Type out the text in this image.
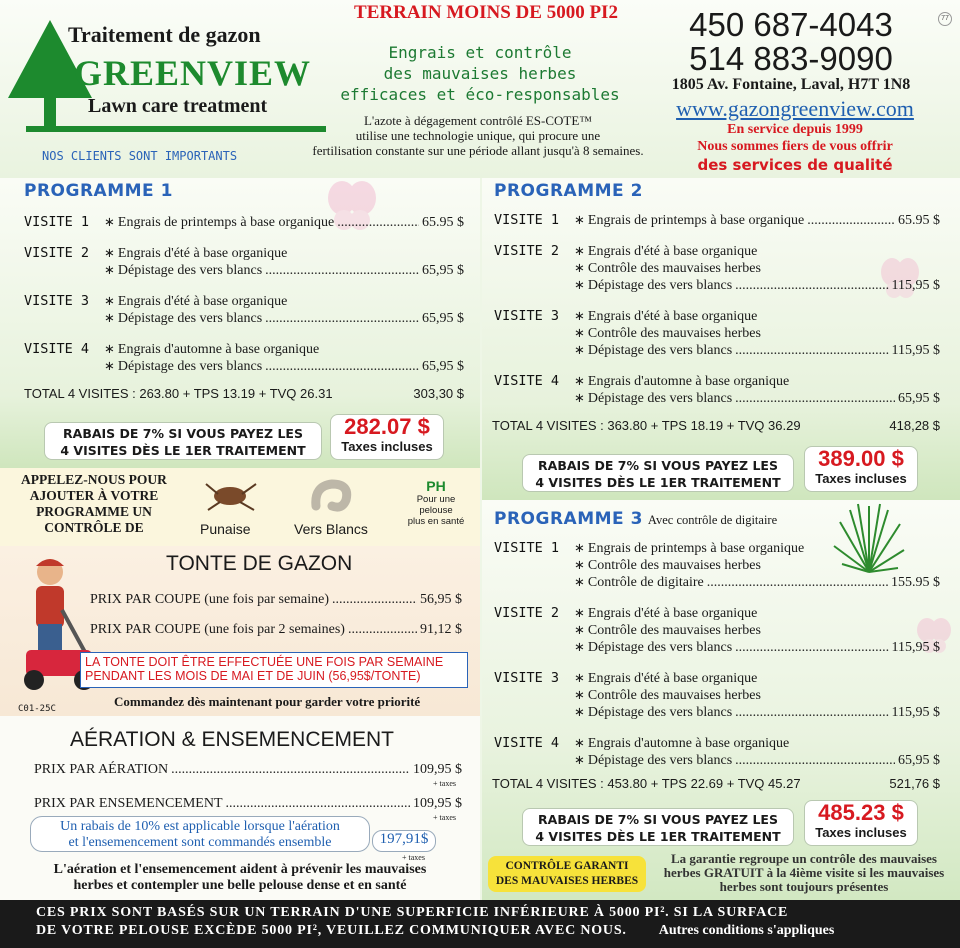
Traitement de gazon
GREENVIEW
Lawn care treatment
NOS CLIENTS SONT IMPORTANTS
TERRAIN MOINS DE 5000 PI2
Engrais et contrôle
des mauvaises herbes
efficaces et éco-responsables
L'azote à dégagement contrôlé ES-COTE™
utilise une technologie unique, qui procure une
fertilisation constante sur une période allant jusqu'à 8 semaines.
450 687-4043
514 883-9090
1805 Av. Fontaine, Laval, H7T 1N8
www.gazongreenview.com
En service depuis 1999
Nous sommes fiers de vous offrir
des services de qualité
77
PROGRAMME 1
VISITE 1	∗ Engrais de printemps à base organique .....	65.95 $
VISITE 2	∗ Engrais d'été à base organique
∗ Dépistage des vers blancs .....	65,95 $
VISITE 3	∗ Engrais d'été à base organique
∗ Dépistage des vers blancs .....	65,95 $
VISITE 4	∗ Engrais d'automne à base organique
∗ Dépistage des vers blancs .....	65,95 $
TOTAL 4 VISITES : 263.80 + TPS 13.19 + TVQ 26.31	303,30 $
RABAIS DE 7% SI VOUS PAYEZ LES
4 VISITES DÈS LE 1ER TRAITEMENT
282.07 $
Taxes incluses
APPELEZ-NOUS POUR
AJOUTER À VOTRE
PROGRAMME UN
CONTRÔLE DE	Punaise	Vers Blancs
PH
Pour une
pelouse
plus en santé
TONTE DE GAZON
PRIX PAR COUPE (une fois par semaine) .....	56,95 $
PRIX PAR COUPE (une fois par 2 semaines) .....	91,12 $
LA TONTE DOIT ÊTRE EFFECTUÉE UNE FOIS PAR SEMAINE
PENDANT LES MOIS DE MAI ET DE JUIN (56,95$/TONTE)
C01-25C	Commandez dès maintenant pour garder votre priorité
AÉRATION & ENSEMENCEMENT
PRIX PAR AÉRATION .....	109,95 $
+ taxes
PRIX PAR ENSEMENCEMENT .....	109,95 $
+ taxes
Un rabais de 10% est applicable lorsque l'aération
et l'ensemencement sont commandés ensemble	197,91$
+ taxes
L'aération et l'ensemencement aident à prévenir les mauvaises
herbes et contempler une belle pelouse dense et en santé
PROGRAMME 2
VISITE 1	∗ Engrais de printemps à base organique .....	65.95 $
VISITE 2	∗ Engrais d'été à base organique
∗ Contrôle des mauvaises herbes
∗ Dépistage des vers blancs .....	115,95 $
VISITE 3	∗ Engrais d'été à base organique
∗ Contrôle des mauvaises herbes
∗ Dépistage des vers blancs .....	115,95 $
VISITE 4	∗ Engrais d'automne à base organique
∗ Dépistage des vers blancs .....	65,95 $
TOTAL 4 VISITES : 363.80 + TPS 18.19 + TVQ 36.29	418,28 $
RABAIS DE 7% SI VOUS PAYEZ LES
4 VISITES DÈS LE 1ER TRAITEMENT
389.00 $
Taxes incluses
PROGRAMME 3 Avec contrôle de digitaire
VISITE 1	∗ Engrais de printemps à base organique
∗ Contrôle des mauvaises herbes
∗ Contrôle de digitaire .....	155.95 $
VISITE 2	∗ Engrais d'été à base organique
∗ Contrôle des mauvaises herbes
∗ Dépistage des vers blancs .....	115,95 $
VISITE 3	∗ Engrais d'été à base organique
∗ Contrôle des mauvaises herbes
∗ Dépistage des vers blancs .....	115,95 $
VISITE 4	∗ Engrais d'automne à base organique
∗ Dépistage des vers blancs .....	65,95 $
TOTAL 4 VISITES : 453.80 + TPS 22.69 + TVQ 45.27	521,76 $
RABAIS DE 7% SI VOUS PAYEZ LES
4 VISITES DÈS LE 1ER TRAITEMENT
485.23 $
Taxes incluses
CONTRÔLE GARANTI
DES MAUVAISES HERBES
La garantie regroupe un contrôle des mauvaises
herbes GRATUIT à la 4ième visite si les mauvaises
herbes sont toujours présentes
CES PRIX SONT BASÉS SUR UN TERRAIN D'UNE SUPERFICIE INFÉRIEURE À 5000 PI². SI LA SURFACE
DE VOTRE PELOUSE EXCÈDE 5000 PI², VEUILLEZ COMMUNIQUER AVEC NOUS. Autres conditions s'appliques
